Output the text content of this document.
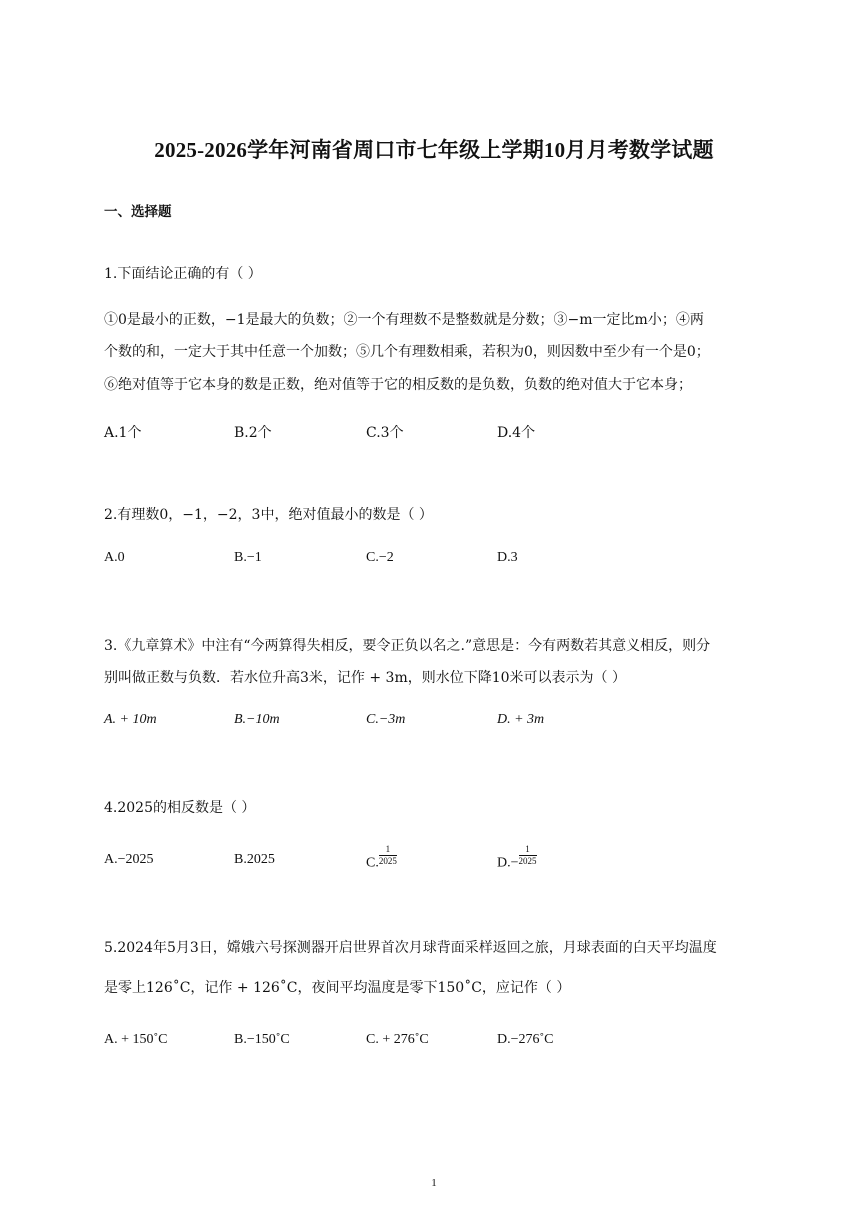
2025-2026学年河南省周口市七年级上学期10月月考数学试题
一、选择题
1.下面结论正确的有（ ）
①0是最小的正数，−1是最大的负数；②一个有理数不是整数就是分数；③−m一定比m小；④两
个数的和，一定大于其中任意一个加数；⑤几个有理数相乘，若积为0，则因数中至少有一个是0；
⑥绝对值等于它本身的数是正数，绝对值等于它的相反数的是负数，负数的绝对值大于它本身；
A.1个	B.2个	C.3个	D.4个
2.有理数0，−1，−2，3中，绝对值最小的数是（ ）
A.0	B.−1	C.−2	D.3
3.《九章算术》中注有“今两算得失相反，要令正负以名之.”意思是：今有两数若其意义相反，则分
别叫做正数与负数．若水位升高3米，记作 + 3m，则水位下降10米可以表示为（ ）
A. + 10m	B.−10m	C.−3m	D. + 3m
4.2025的相反数是（ ）
A.−2025	B.2025	C. $\frac{1}{2025}$	$D.- \frac{1}{2025}$
5.2024年5月3日，嫦娥六号探测器开启世界首次月球背面采样返回之旅，月球表面的白天平均温度
是零上126˚C，记作 + 126˚C，夜间平均温度是零下150˚C，应记作（ ）
A. + 150˚C	B.−150˚C	C. + 276˚C	D.−276˚C
1
